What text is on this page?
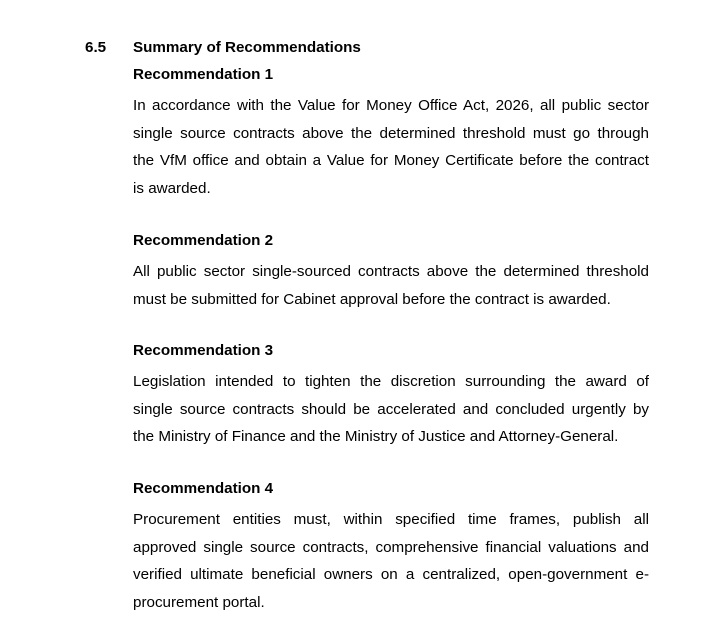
6.5 Summary of Recommendations

Recommendation 1

In accordance with the Value for Money Office Act, 2026, all public sector
single source contracts above the determined threshold must go through
the VfM office and obtain a Value for Money Certificate before the contract
is awarded.

Recommendation 2

All public sector single-sourced contracts above the determined threshold
must be submitted for Cabinet approval before the contract is awarded.

Recommendation 3

Legislation intended to tighten the discretion surrounding the award of
single source contracts should be accelerated and concluded urgently by
the Ministry of Finance and the Ministry of Justice and Attorney-General.

Recommendation 4

Procurement entities must, within specified time frames, publish all
approved single source contracts, comprehensive financial valuations and
verified ultimate beneficial owners on a centralized, open-government e-
procurement portal.
